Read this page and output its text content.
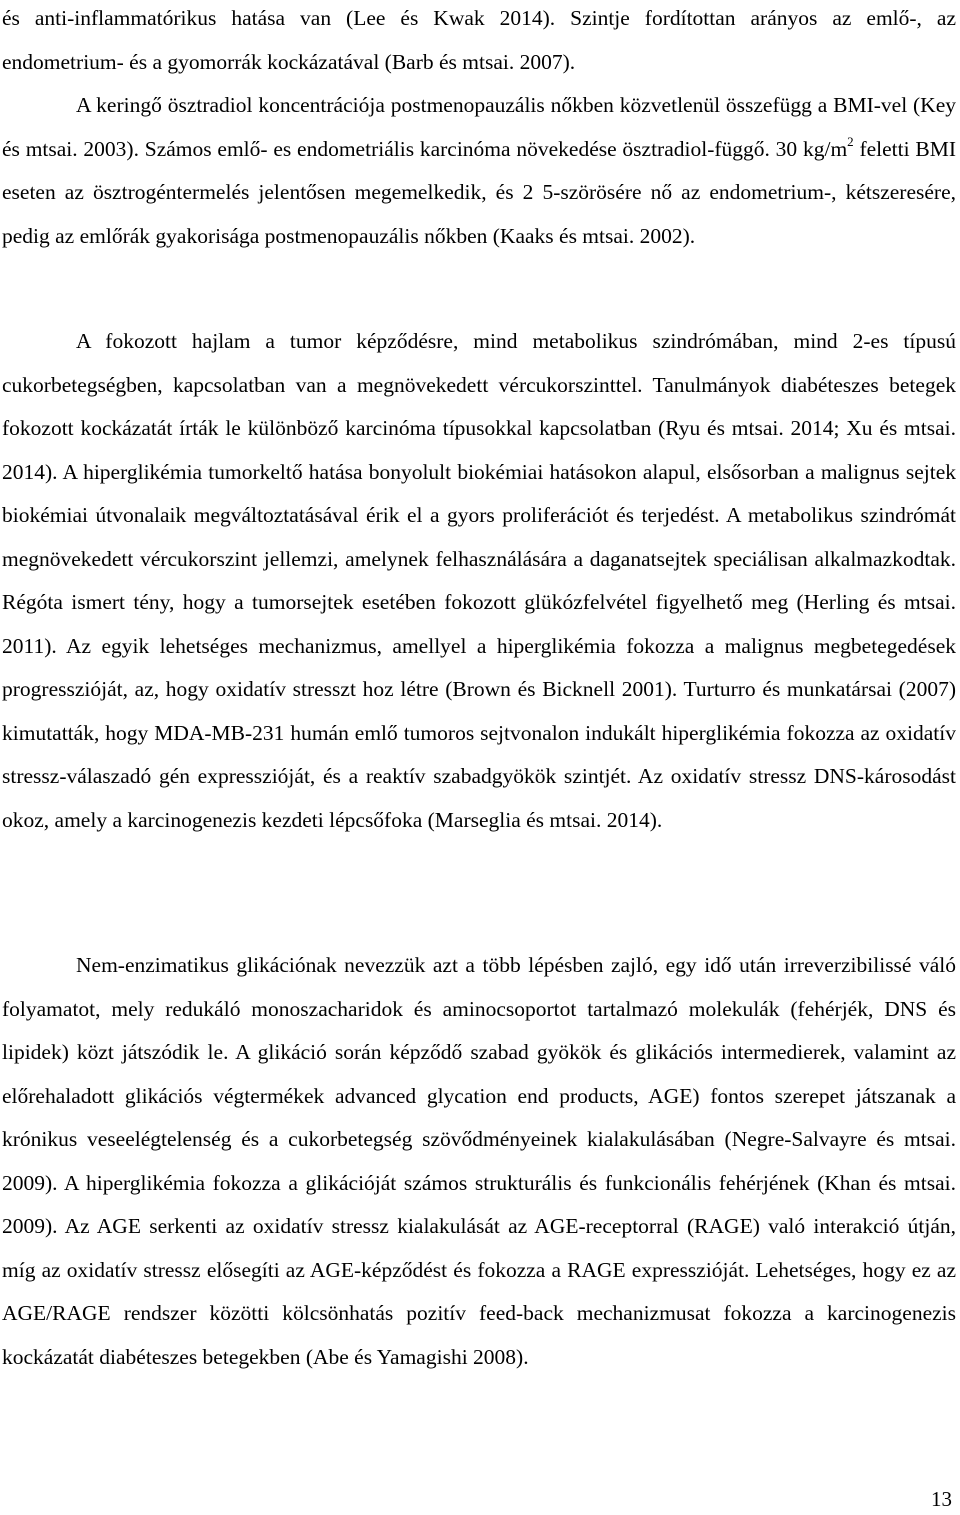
és anti-inflammatórikus hatása van (Lee és Kwak 2014). Szintje fordítottan arányos az emlő-, az endometrium- és a gyomorrák kockázatával (Barb és mtsai. 2007).

A keringő ösztradiol koncentrációja postmenopauzális nőkben közvetlenül összefügg a BMI-vel (Key és mtsai. 2003). Számos emlő- es endometriális karcinóma növekedése ösztradiol-függő. 30 $kg/m^2$ feletti BMI eseten az ösztrogéntermelés jelentősen megemelkedik, és 2 5-szörösére nő az endometrium-, kétszeresére, pedig az emlőrák gyakorisága postmenopauzális nőkben (Kaaks és mtsai. 2002).

A fokozott hajlam a tumor képződésre, mind metabolikus szindrómában, mind 2-es típusú cukorbetegségben, kapcsolatban van a megnövekedett vércukorszinttel. Tanulmányok diabéteszes betegek fokozott kockázatát írták le különböző karcinóma típusokkal kapcsolatban (Ryu és mtsai. 2014; Xu és mtsai. 2014). A hiperglikémia tumorkeltő hatása bonyolult biokémiai hatásokon alapul, elsősorban a malignus sejtek biokémiai útvonalaik megváltoztatásával érik el a gyors proliferációt és terjedést. A metabolikus szindrómát megnövekedett vércukorszint jellemzi, amelynek felhasználására a daganatsejtek speciálisan alkalmazkodtak. Régóta ismert tény, hogy a tumorsejtek esetében fokozott glükózfelvétel figyelhető meg (Herling és mtsai. 2011). Az egyik lehetséges mechanizmus, amellyel a hiperglikémia fokozza a malignus megbetegedések progresszióját, az, hogy oxidatív stresszt hoz létre (Brown és Bicknell 2001). Turturro és munkatársai (2007) kimutatták, hogy MDA-MB-231 humán emlő tumoros sejtvonalon indukált hiperglikémia fokozza az oxidatív stressz-válaszadó gén expresszióját, és a reaktív szabadgyökök szintjét. Az oxidatív stressz DNS-károsodást okoz, amely a karcinogenezis kezdeti lépcsőfoka (Marseglia és mtsai. 2014).

Nem-enzimatikus glikációnak nevezzük azt a több lépésben zajló, egy idő után irreverzibilissé váló folyamatot, mely redukáló monoszacharidok és aminocsoportot tartalmazó molekulák (fehérjék, DNS és lipidek) közt játszódik le. A glikáció során képződő szabad gyökök és glikációs intermedierek, valamint az előrehaladott glikációs végtermékek advanced glycation end products, AGE) fontos szerepet játszanak a krónikus veseelégtelenség és a cukorbetegség szövődményeinek kialakulásában (Negre-Salvayre és mtsai. 2009). A hiperglikémia fokozza a glikációját számos strukturális és funkcionális fehérjének (Khan és mtsai. 2009). Az AGE serkenti az oxidatív stressz kialakulását az AGE-receptorral (RAGE) való interakció útján, míg az oxidatív stressz elősegíti az AGE-képződést és fokozza a RAGE expresszióját. Lehetséges, hogy ez az AGE/RAGE rendszer közötti kölcsönhatás pozitív feed-back mechanizmusat fokozza a karcinogenezis kockázatát diabéteszes betegekben (Abe és Yamagishi 2008).

13
